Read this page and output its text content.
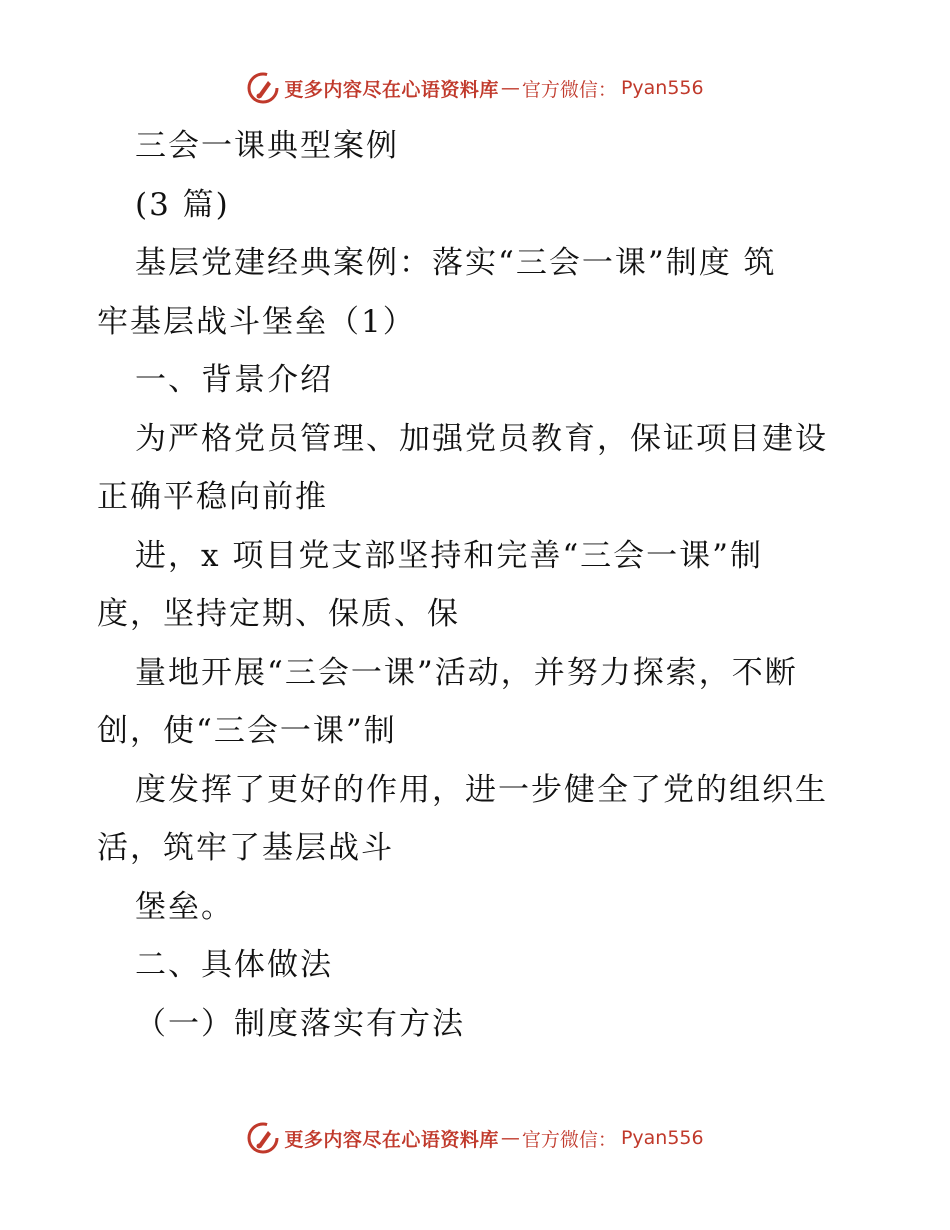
更多内容尽在心语资料库 — 官方微信： Pyan556
三会一课典型案例
(3 篇)
基层党建经典案例：落实“三会一课”制度 筑
牢基层战斗堡垒（1）
一、背景介绍
为严格党员管理、加强党员教育，保证项目建设
正确平稳向前推
进，x 项目党支部坚持和完善“三会一课”制
度，坚持定期、保质、保
量地开展“三会一课”活动，并努力探索，不断
创，使“三会一课”制
度发挥了更好的作用，进一步健全了党的组织生
活，筑牢了基层战斗
堡垒。
二、具体做法
（一）制度落实有方法
更多内容尽在心语资料库 — 官方微信： Pyan556
